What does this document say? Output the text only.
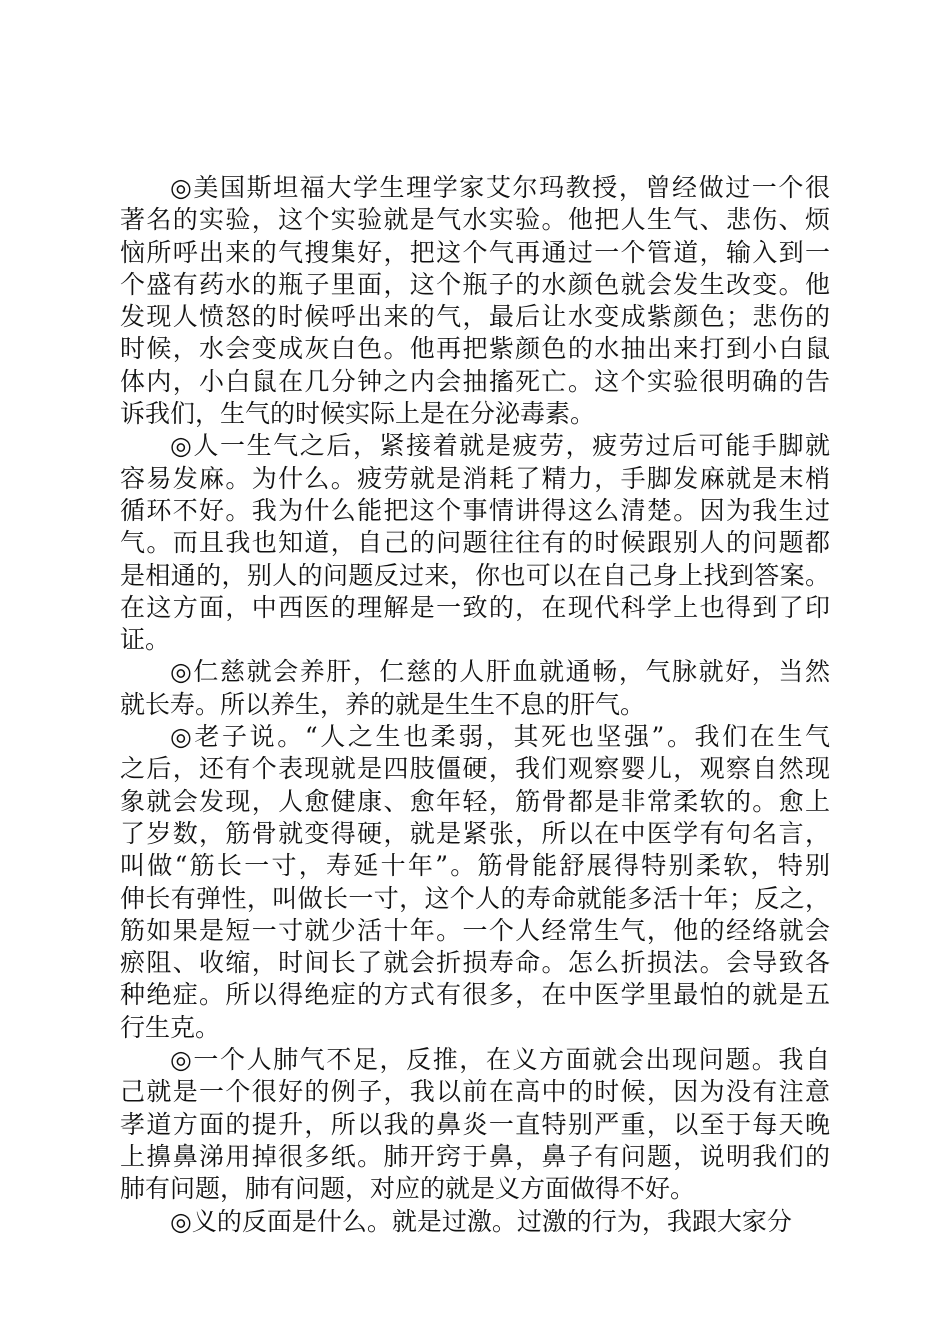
◎美国斯坦福大学生理学家艾尔玛教授，曾经做过一个很
著名的实验，这个实验就是气水实验。他把人生气、悲伤、烦
恼所呼出来的气搜集好，把这个气再通过一个管道，输入到一
个盛有药水的瓶子里面，这个瓶子的水颜色就会发生改变。他
发现人愤怒的时候呼出来的气，最后让水变成紫颜色；悲伤的
时候，水会变成灰白色。他再把紫颜色的水抽出来打到小白鼠
体内，小白鼠在几分钟之内会抽搐死亡。这个实验很明确的告
诉我们，生气的时候实际上是在分泌毒素。
◎人一生气之后，紧接着就是疲劳，疲劳过后可能手脚就
容易发麻。为什么。疲劳就是消耗了精力，手脚发麻就是末梢
循环不好。我为什么能把这个事情讲得这么清楚。因为我生过
气。而且我也知道，自己的问题往往有的时候跟别人的问题都
是相通的，别人的问题反过来，你也可以在自己身上找到答案。
在这方面，中西医的理解是一致的，在现代科学上也得到了印
证。
◎仁慈就会养肝，仁慈的人肝血就通畅，气脉就好，当然
就长寿。所以养生，养的就是生生不息的肝气。
◎老子说。“人之生也柔弱，其死也坚强”。我们在生气
之后，还有个表现就是四肢僵硬，我们观察婴儿，观察自然现
象就会发现，人愈健康、愈年轻，筋骨都是非常柔软的。愈上
了岁数，筋骨就变得硬，就是紧张，所以在中医学有句名言，
叫做“筋长一寸，寿延十年”。筋骨能舒展得特别柔软，特别
伸长有弹性，叫做长一寸，这个人的寿命就能多活十年；反之，
筋如果是短一寸就少活十年。一个人经常生气，他的经络就会
瘀阻、收缩，时间长了就会折损寿命。怎么折损法。会导致各
种绝症。所以得绝症的方式有很多，在中医学里最怕的就是五
行生克。
◎一个人肺气不足，反推，在义方面就会出现问题。我自
己就是一个很好的例子，我以前在高中的时候，因为没有注意
孝道方面的提升，所以我的鼻炎一直特别严重，以至于每天晚
上擤鼻涕用掉很多纸。肺开窍于鼻，鼻子有问题，说明我们的
肺有问题，肺有问题，对应的就是义方面做得不好。
◎义的反面是什么。就是过激。过激的行为，我跟大家分
